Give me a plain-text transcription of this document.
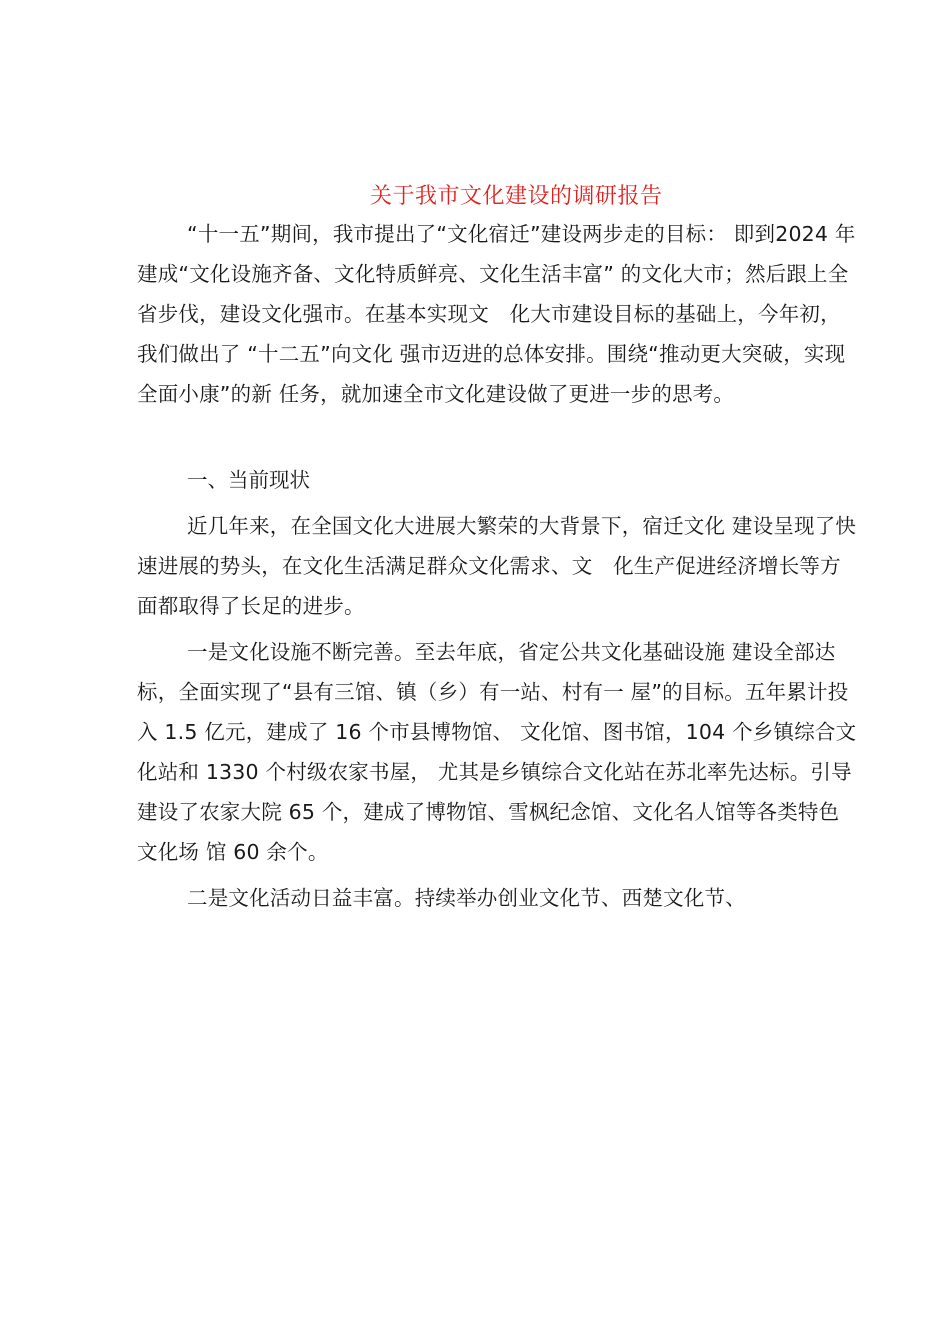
关于我市文化建设的调研报告

“十一五”期间，我市提出了“文化宿迁”建设两步走的目标： 即到2024 年建成“文化设施齐备、文化特质鲜亮、文化生活丰富” 的文化大市；然后跟上全省步伐，建设文化强市。在基本实现文　化大市建设目标的基础上，今年初，我们做出了 “十二五”向文化 强市迈进的总体安排。围绕“推动更大突破，实现全面小康”的新 任务，就加速全市文化建设做了更进一步的思考。

一、当前现状

近几年来，在全国文化大进展大繁荣的大背景下，宿迁文化 建设呈现了快速进展的势头，在文化生活满足群众文化需求、文　化生产促进经济增长等方面都取得了长足的进步。

一是文化设施不断完善。至去年底，省定公共文化基础设施 建设全部达标，全面实现了“县有三馆、镇（乡）有一站、村有一 屋”的目标。五年累计投入 1.5 亿元，建成了 16 个市县博物馆、 文化馆、图书馆，104 个乡镇综合文化站和 1330 个村级农家书屋， 尤其是乡镇综合文化站在苏北率先达标。引导建设了农家大院 65 个，建成了博物馆、雪枫纪念馆、文化名人馆等各类特色文化场 馆 60 余个。

二是文化活动日益丰富。持续举办创业文化节、西楚文化节、
